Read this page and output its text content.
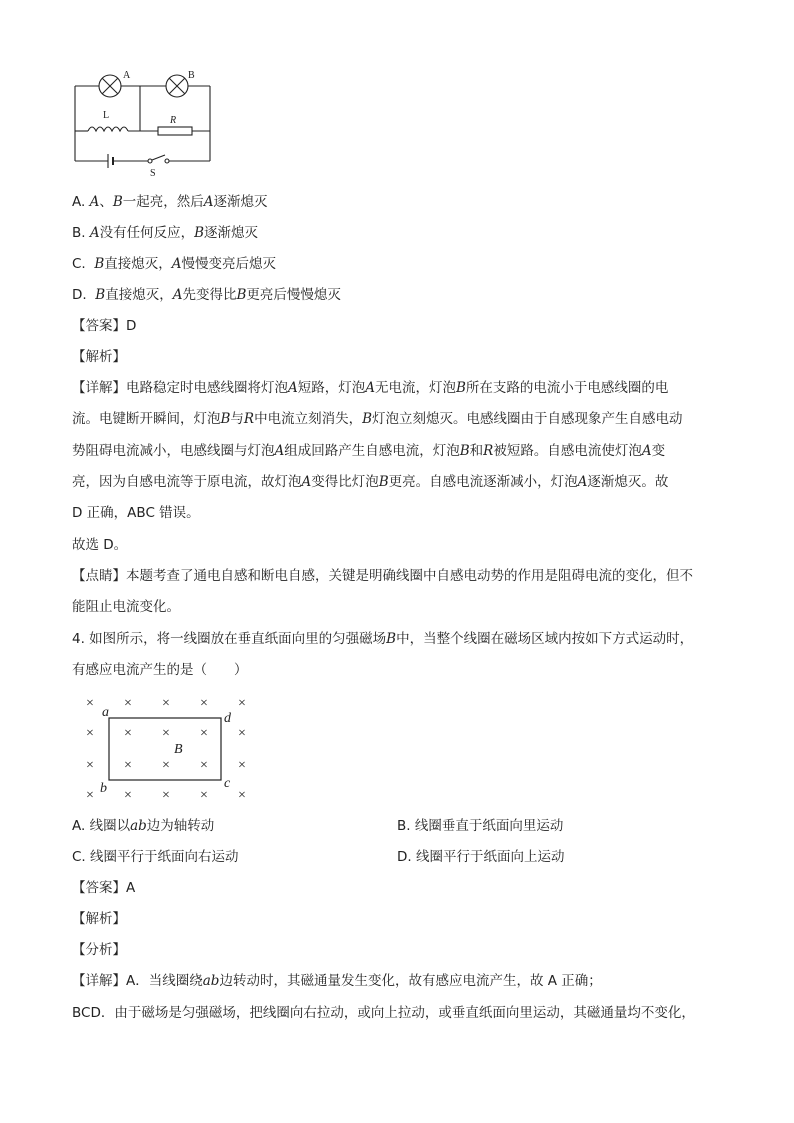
A	B
L	R
S
A. A、B一起亮，然后A逐渐熄灭
B. A没有任何反应，B逐渐熄灭
C. B直接熄灭，A慢慢变亮后熄灭
D. B直接熄灭，A先变得比B更亮后慢慢熄灭
【答案】D
【解析】
【详解】电路稳定时电感线圈将灯泡A短路，灯泡A无电流，灯泡B所在支路的电流小于电感线圈的电
流。电键断开瞬间，灯泡B与R中电流立刻消失，B灯泡立刻熄灭。电感线圈由于自感现象产生自感电动
势阻碍电流减小，电感线圈与灯泡A组成回路产生自感电流，灯泡B和R被短路。自感电流使灯泡A变
亮，因为自感电流等于原电流，故灯泡A变得比灯泡B更亮。自感电流逐渐减小，灯泡A逐渐熄灭。故
D 正确，ABC 错误。
故选 D。
【点睛】本题考查了通电自感和断电自感，关键是明确线圈中自感电动势的作用是阻碍电流的变化，但不
能阻止电流变化。
4. 如图所示，将一线圈放在垂直纸面向里的匀强磁场B中，当整个线圈在磁场区域内按如下方式运动时，
有感应电流产生的是（　　）
× × × × ×
× × × × ×
× × × × ×
× × × × ×
a
b	c
d
B
A. 线圈以ab边为轴转动	B. 线圈垂直于纸面向里运动
C. 线圈平行于纸面向右运动	D. 线圈平行于纸面向上运动
【答案】A
【解析】
【分析】
【详解】A．当线圈绕ab边转动时，其磁通量发生变化，故有感应电流产生，故 A 正确；
BCD．由于磁场是匀强磁场，把线圈向右拉动，或向上拉动，或垂直纸面向里运动，其磁通量均不变化，
